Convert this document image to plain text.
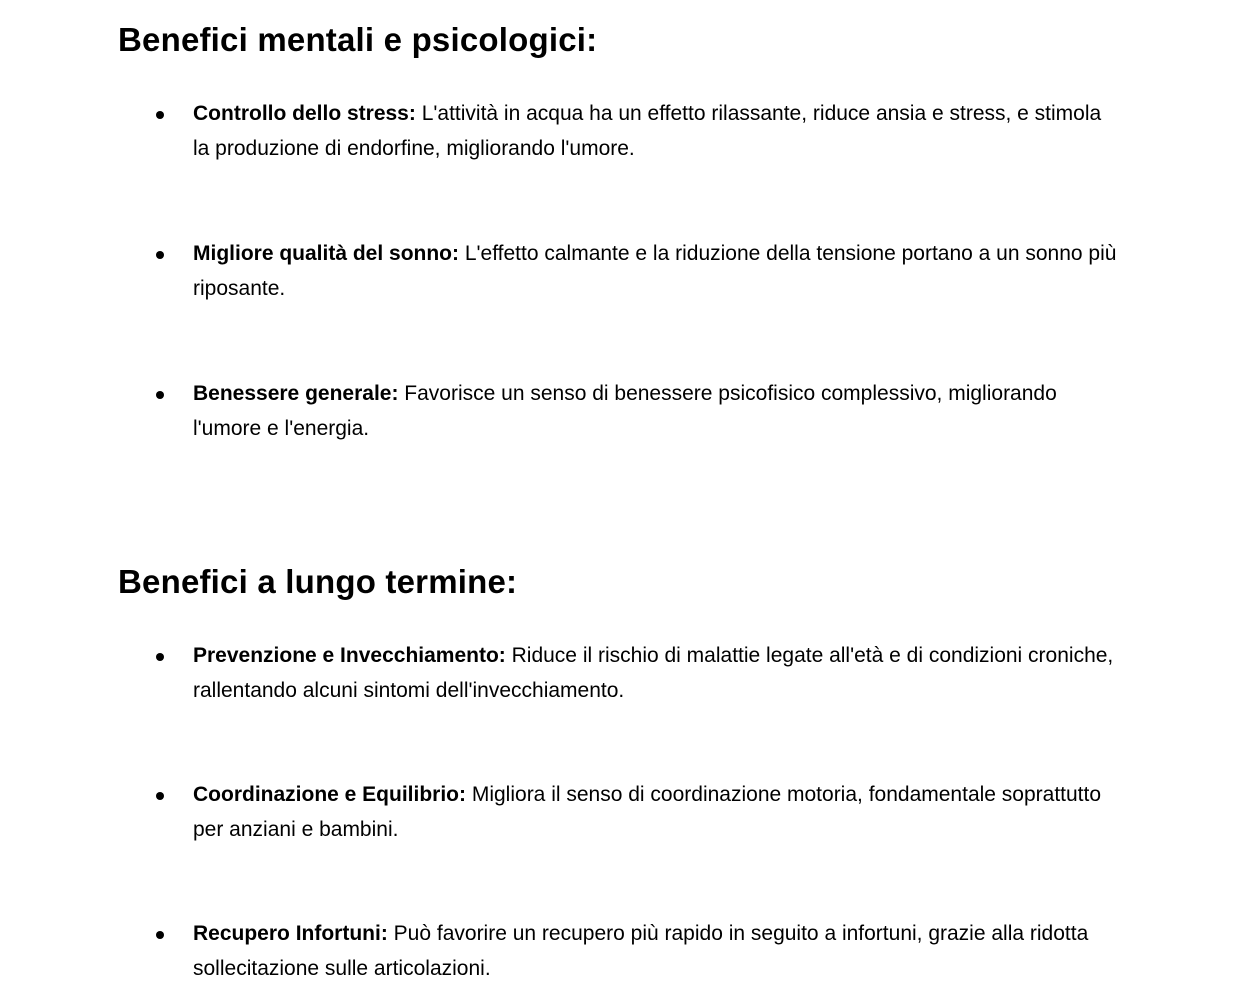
Benefici mentali e psicologici:
Controllo dello stress: L'attività in acqua ha un effetto rilassante, riduce ansia e stress, e stimola la produzione di endorfine, migliorando l'umore.
Migliore qualità del sonno: L'effetto calmante e la riduzione della tensione portano a un sonno più riposante.
Benessere generale: Favorisce un senso di benessere psicofisico complessivo, migliorando l'umore e l'energia.
Benefici a lungo termine:
Prevenzione e Invecchiamento: Riduce il rischio di malattie legate all'età e di condizioni croniche, rallentando alcuni sintomi dell'invecchiamento.
Coordinazione e Equilibrio: Migliora il senso di coordinazione motoria, fondamentale soprattutto per anziani e bambini.
Recupero Infortuni: Può favorire un recupero più rapido in seguito a infortuni, grazie alla ridotta sollecitazione sulle articolazioni.
